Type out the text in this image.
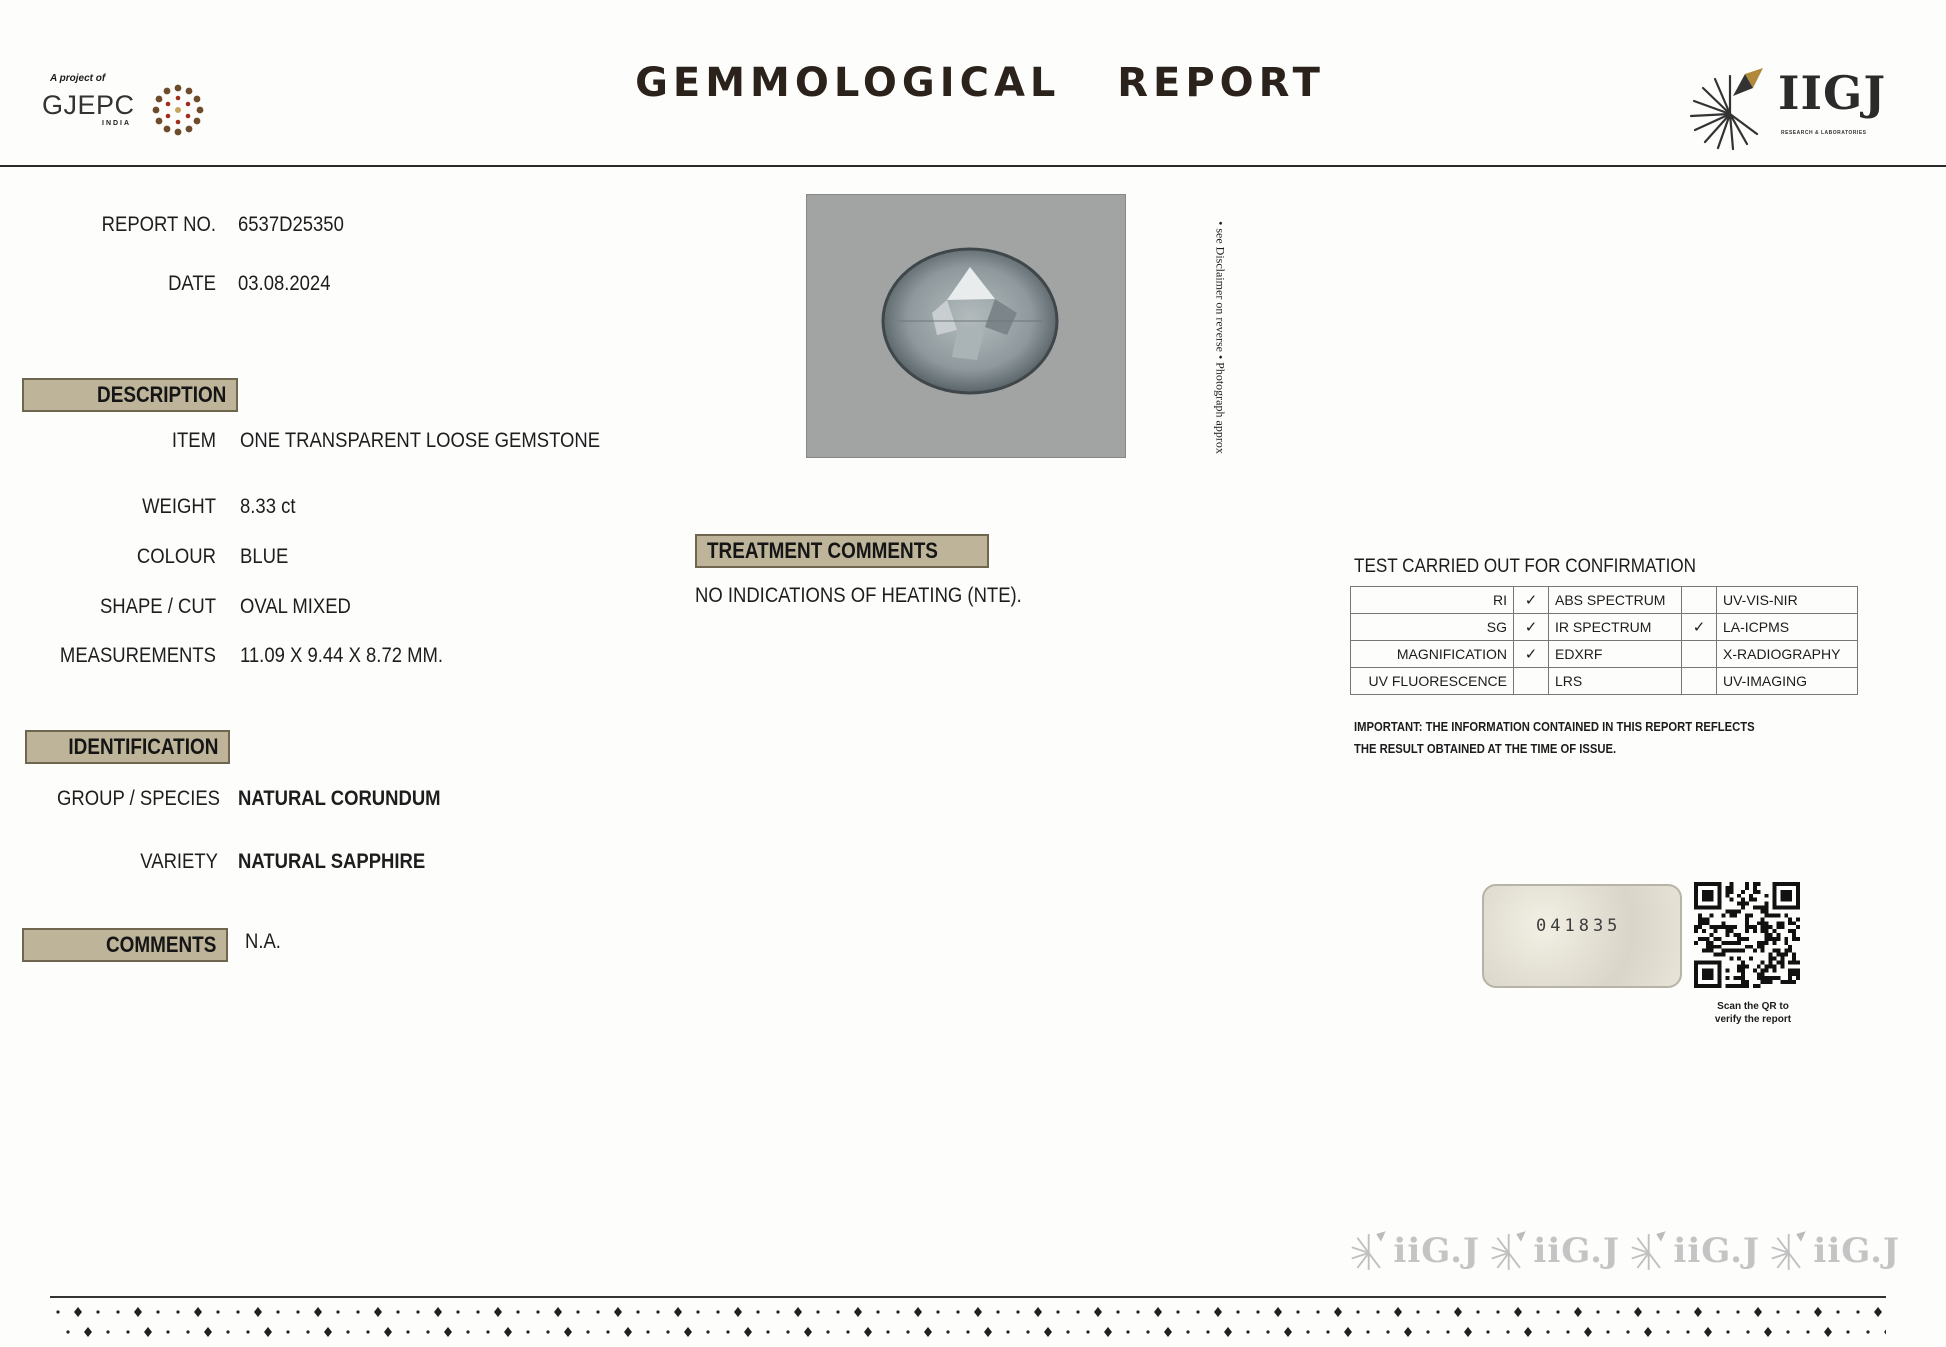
A project of
GJEPC
INDIA
GEMMOLOGICAL   REPORT	IIGJ
RESEARCH & LABORATORIES
REPORT NO. 6537D25350
DATE 03.08.2024
DESCRIPTION
ITEM ONE TRANSPARENT LOOSE GEMSTONE
WEIGHT 8.33 ct
COLOUR BLUE
SHAPE / CUT OVAL MIXED
MEASUREMENTS 11.09 X 9.44 X 8.72 MM.
IDENTIFICATION
GROUP / SPECIES NATURAL CORUNDUM
VARIETY NATURAL SAPPHIRE
COMMENTS	N.A.
• see Disclaimer on reverse • Photograph approx
TREATMENT COMMENTS
NO INDICATIONS OF HEATING (NTE).
TEST CARRIED OUT FOR CONFIRMATION
RI	✓	ABS SPECTRUM		UV-VIS-NIR
SG	✓	IR SPECTRUM	✓	LA-ICPMS
MAGNIFICATION	✓	EDXRF		X-RADIOGRAPHY
UV FLUORESCENCE		LRS		UV-IMAGING
IMPORTANT: THE INFORMATION CONTAINED IN THIS REPORT REFLECTS THE RESULT OBTAINED AT THE TIME OF ISSUE.
041835
Scan the QR to
verify the report
iiG.J iiG.J iiG.J iiG.J
